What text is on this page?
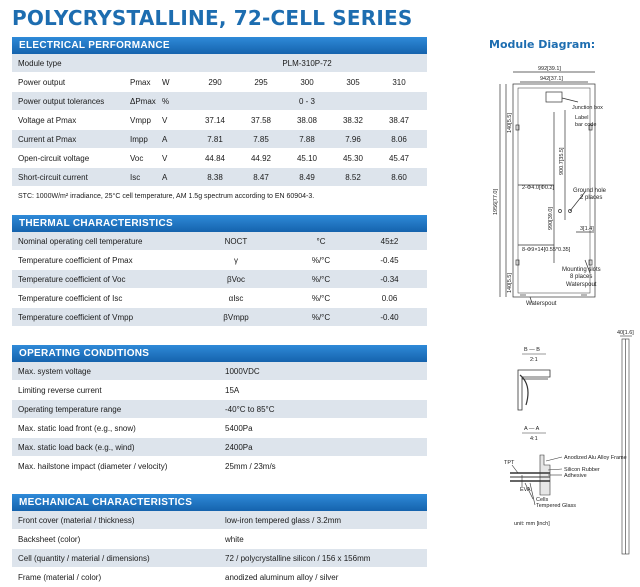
POLYCRYSTALLINE, 72-CELL SERIES
ELECTRICAL PERFORMANCE
Module type	PLM-310P-72
Power output	Pmax	W	290	295	300	305	310
Power output tolerances	ΔPmax %	0 - 3
Voltage at Pmax	Vmpp	V	37.14	37.58	38.08	38.32	38.47
Current at Pmax	Impp	A	7.81	7.85	7.88	7.96	8.06
Open-circuit voltage	Voc	V	44.84	44.92	45.10	45.30	45.47
Short-circuit current	Isc	A	8.38	8.47	8.49	8.52	8.60
STC: 1000W/m² irradiance, 25°C cell temperature, AM 1.5g spectrum according to EN 60904-3.
THERMAL CHARACTERISTICS
Nominal operating cell temperature	NOCT	°C	45±2
Temperature coefficient of Pmax	γ	%/°C	-0.45
Temperature coefficient of Voc	βVoc	%/°C	-0.34
Temperature coefficient of Isc	αIsc	%/°C	0.06
Temperature coefficient of Vmpp	βVmpp	%/°C	-0.40
OPERATING CONDITIONS
Max. system voltage	1000VDC
Limiting reverse current	15A
Operating temperature range	-40°C to 85°C
Max. static load front (e.g., snow)	5400Pa
Max. static load back (e.g., wind)	2400Pa
Max. hailstone impact (diameter / velocity)	25mm / 23m/s
MECHANICAL CHARACTERISTICS
Front cover (material / thickness)	low-iron tempered glass / 3.2mm
Backsheet (color)	white
Cell (quantity / material / dimensions)	72 / polycrystalline silicon / 156 x 156mm
Frame (material / color)	anodized aluminum alloy / silver
Module Diagram:
992[39.1]
942[37.1]
1956[77.0]
140[5.5]
140[5.5]
900.7[35.5]
990[39.0]
2-Φ4.0[Φ0.2]
8-Φ9×14[0.55*0.35]
3[1.4]
Junction box
Label
bar code
Ground hole
2 places
Mounting slots
8 places
Waterspout
Waterspout
B — B
2:1
A — A
4:1
TPT
EVA
Anodized Alu Alloy Frame
Silicon Rubber
Adhesive
Cells
Tempered Glass
unit: mm [inch]
40[1.6]
